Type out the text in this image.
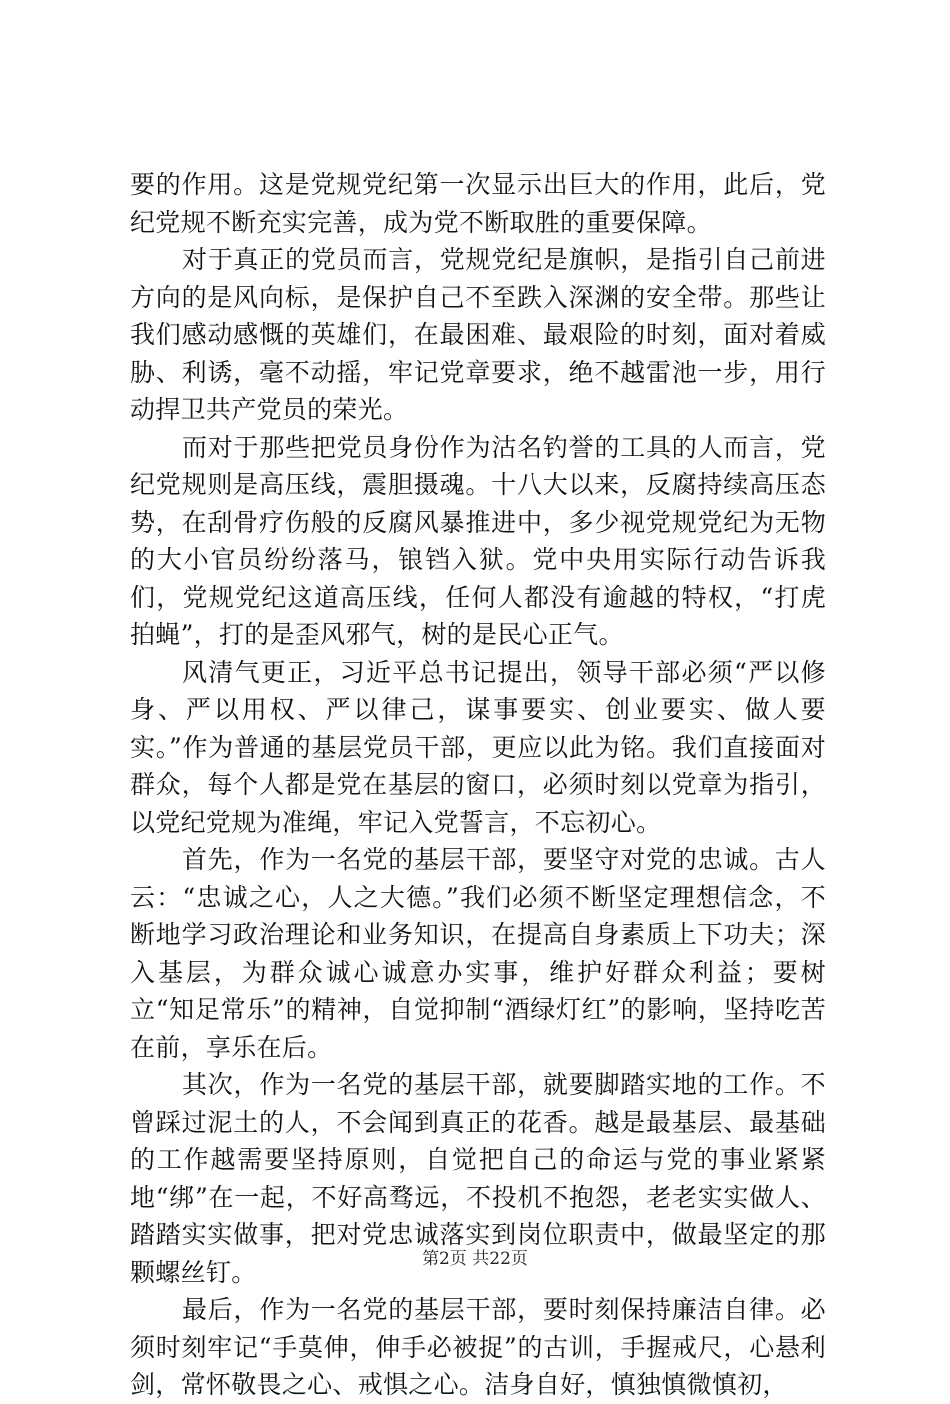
要的作用。这是党规党纪第一次显示出巨大的作用，此后，党纪党规不断充实完善，成为党不断取胜的重要保障。

对于真正的党员而言，党规党纪是旗帜，是指引自己前进方向的是风向标，是保护自己不至跌入深渊的安全带。那些让我们感动感慨的英雄们，在最困难、最艰险的时刻，面对着威胁、利诱，毫不动摇，牢记党章要求，绝不越雷池一步，用行动捍卫共产党员的荣光。

而对于那些把党员身份作为沽名钓誉的工具的人而言，党纪党规则是高压线，震胆摄魂。十八大以来，反腐持续高压态势，在刮骨疗伤般的反腐风暴推进中，多少视党规党纪为无物的大小官员纷纷落马，锒铛入狱。党中央用实际行动告诉我们，党规党纪这道高压线，任何人都没有逾越的特权，“打虎拍蝇”，打的是歪风邪气，树的是民心正气。

风清气更正，习近平总书记提出，领导干部必须“严以修身、严以用权、严以律己，谋事要实、创业要实、做人要实。”作为普通的基层党员干部，更应以此为铭。我们直接面对群众，每个人都是党在基层的窗口，必须时刻以党章为指引，以党纪党规为准绳，牢记入党誓言，不忘初心。

首先，作为一名党的基层干部，要坚守对党的忠诚。古人云：“忠诚之心，人之大德。”我们必须不断坚定理想信念，不断地学习政治理论和业务知识，在提高自身素质上下功夫；深入基层，为群众诚心诚意办实事，维护好群众利益；要树立“知足常乐”的精神，自觉抑制“酒绿灯红”的影响，坚持吃苦在前，享乐在后。

其次，作为一名党的基层干部，就要脚踏实地的工作。不曾踩过泥土的人，不会闻到真正的花香。越是最基层、最基础的工作越需要坚持原则，自觉把自己的命运与党的事业紧紧地“绑”在一起，不好高骛远，不投机不抱怨，老老实实做人、踏踏实实做事，把对党忠诚落实到岗位职责中，做最坚定的那颗螺丝钉。

最后，作为一名党的基层干部，要时刻保持廉洁自律。必须时刻牢记“手莫伸，伸手必被捉”的古训，手握戒尺，心悬利剑，常怀敬畏之心、戒惧之心。洁身自好，慎独慎微慎初，

第2页 共22页
